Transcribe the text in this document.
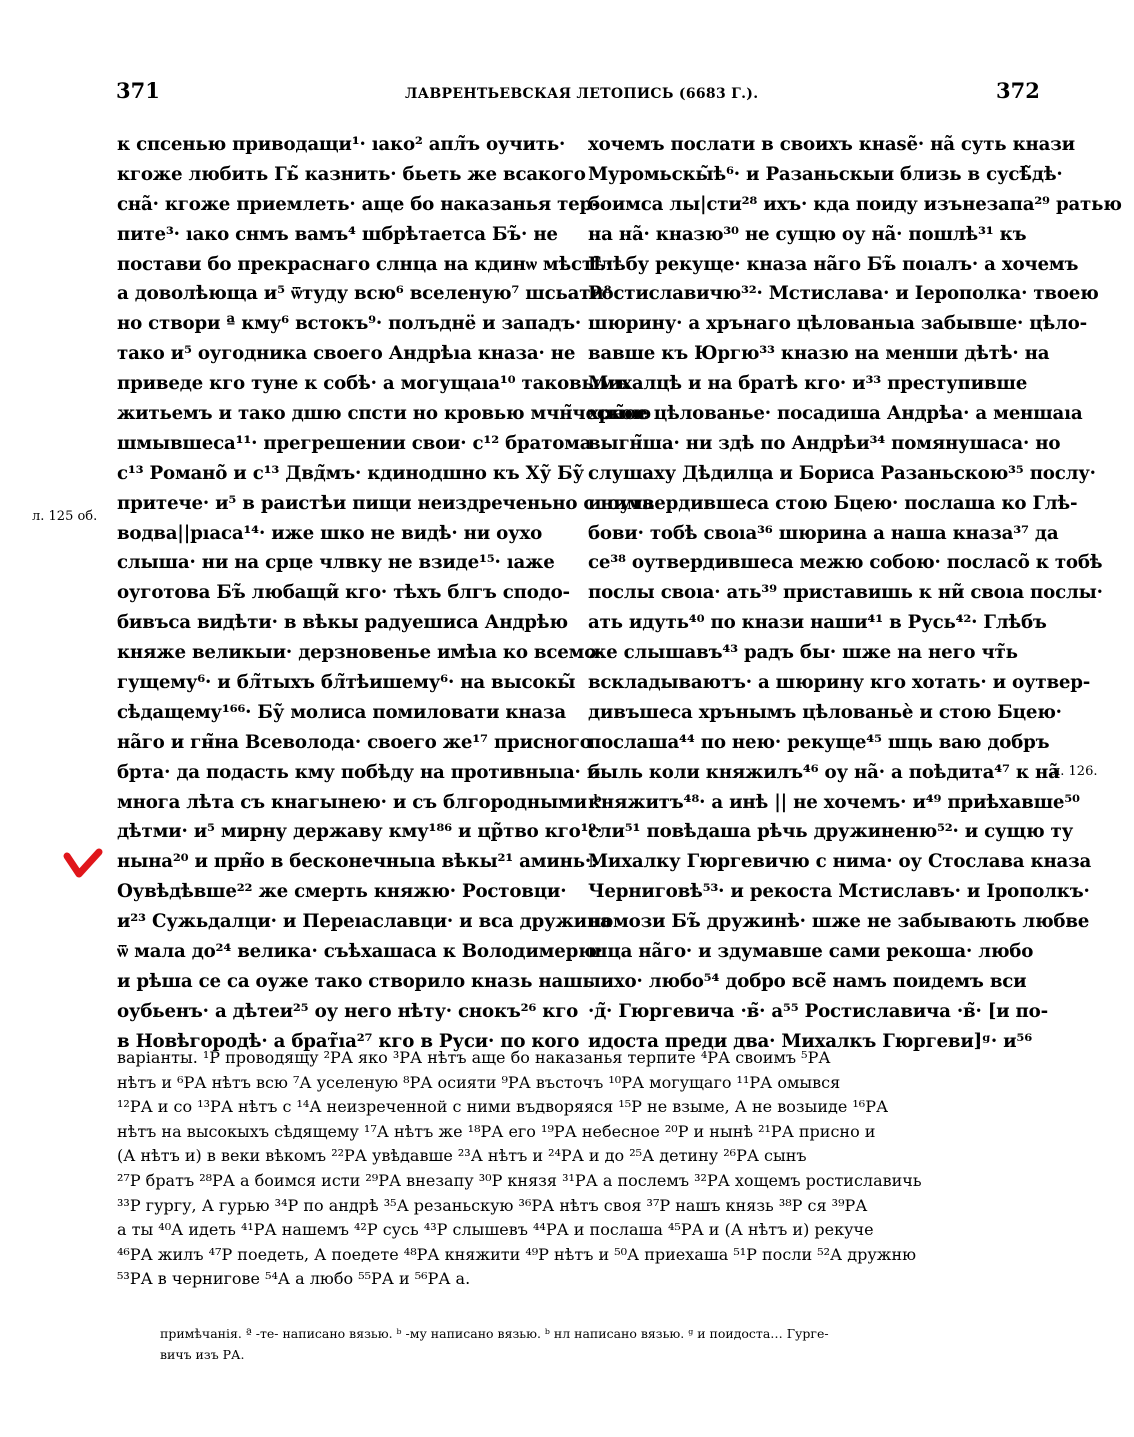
371	ЛАВРЕНТЬЕВСКАЯ ЛЕТОПИСЬ (6683 Г.).	372
к спсенью приводащи¹· ıако² апл̃ъ оучить·
кгоже любить Гь̃ казнить· бьеть же всакого
сна̃· кгоже приемлеть· аще бо наказанья тер-
пите³· ıако снмъ вамъ⁴ шбрѣтаетса Бъ̃· не
постави бо прекраснаго слнца на кдинѡ мѣстѣ·
а доволѣюща и⁵ ѿтуду всю⁶ вселеную⁷ шсьати⁸
но створи ª кму⁶ встокъ⁹· полъднё и западъ·
тако и⁵ оугодника своего Андрѣıа кназа· не
приведе кго туне к собѣ· а могущаıа¹⁰ таковымъ
житьемъ и тако дшю спсти но кровью мчн̃ческою
шмывшеса¹¹· прегрешении свои· с¹² братома
с¹³ Романо̃ и с¹³ Двд̃мъ· кдинодшно къ Ху̃ Бу̃
притече· и⁵ в раистѣи пищи неиздреченьно с нима
водва||рıаса¹⁴· иже шко не видѣ· ни оухо
слыша· ни на срце члвку не взиде¹⁵· ıаже
оуготова Бъ̃ любащи̃ кго· тѣхъ блгъ сподо-
бивъса видѣти· в вѣкы радуешиса Андрѣю
княже великыи· дерзновенье имѣıа ко всемо-
гущему⁶· и бл̃тыхъ бл̃тѣишему⁶· на высокы̃
сѣдащему¹⁶⁶· Бу̃ молиса помиловати кназа
на̃го и гн̃на Всеволода· своего же¹⁷ присного
брта· да подасть кму побѣду на противныıа· и
многа лѣта съ кнагынею· и съ блгородными ᵇ
дѣтми· и⁵ мирну державу кму¹⁸⁶ и цр̃тво кго¹⁹·
нына²⁰ и прн̃о в бесконечныıа вѣкы²¹ аминь·:
Оувѣдѣвше²² же смерть княжю· Ростовци·
и²³ Сужьдалци· и Переıаславци· и вса дружина
ѿ мала до²⁴ велика· съѣхашаса к Володимерю·
и рѣша се са оуже тако створило кназь нашь
оубьенъ· а дѣтеи²⁵ оу него нѣту· снокъ²⁶ кго
в Новѣгородѣ· а брат̃ıа²⁷ кго в Руси· по кого
хочемъ послати в своихъ кнаѕе̃· на̃ суть кнази
Муромьскы̃ѣ⁶· и Разаньскыи близь в сусѣ̃дѣ·
боимса лы|сти²⁸ ихъ· кда поиду изънезапа²⁹ ратью
на на̃· кназю³⁰ не сущю оу на̃· пошлѣ³¹ къ
Глѣбу рекуще· кназа на̃го Бъ̃ поıалъ· а хочемъ
Ростиславичю³²· Мстислава· и Iерополка· твоею
шюрину· а хрънаго цѣлованьıа забывше· цѣло-
вавше къ Юргю³³ кназю на менши дѣтѣ· на
Михалцѣ и на братѣ кго· и³³ преступивше
хрн̃ое цѣлованье· посадиша Андрѣа· а меншаıа
выгн̃ша· ни здѣ по Андрѣи³⁴ помянушаса· но
слушаху Дѣдилца и Бориса Разаньскою³⁵ послу·
и оутвердившеса стою Бцею· послаша ко Глѣ-
бови· тобѣ своıа³⁶ шюрина а наша кназа³⁷ да
се³⁸ оутвердившеса межю собою· посласо̃ к тобѣ
послы своıа· ать³⁹ приставишь к ни̃ своıа послы·
ать идуть⁴⁰ по кнази наши⁴¹ в Русь⁴²· Глѣбъ
же слышавъ⁴³ радъ бы· шже на него чт̃ь
всклaдываютъ· а шюрину кго хотать· и оутвер-
дивъшеса хрънымъ цѣлованьѐ и стою Бцею·
послаша⁴⁴ по нею· рекуще⁴⁵ шць ваю добръ
быль коли княжилъ⁴⁶ оу на̃· а поѣдита⁴⁷ к на̃
княжитъ⁴⁸· а инѣ || не хочемъ· и⁴⁹ приѣхавше⁵⁰
сли⁵¹ повѣдаша рѣчь дружиненю⁵²· и сущю ту
Михалку Гюргевичю с нима· оу Стослава кназа
Черниговѣ⁵³· и рекоста Мстиславъ· и Iрополкъ·
помози Бъ̃ дружинѣ· шже не забывають любве
шца на̃го· и здумавше сами рекоша· любо
лихо· любо⁵⁴ добро всё̃ намъ поидемъ вси
·д̃· Гюргевича ·в̃· а⁵⁵ Ростиславича ·в̃· [и по-
идоста преди два· Михалкъ Гюргеви]ᵍ· и⁵⁶
л. 125 об.
л. 126.
варіанты. ¹Р проводящу ²РА яко ³РА нѣтъ аще бо наказанья терпите ⁴РА своимъ ⁵РА
нѣтъ и ⁶РА нѣтъ всю ⁷А уселеную ⁸РА осияти ⁹РА въсточъ ¹⁰РА могущаго ¹¹РА омывся
¹²РА и со ¹³РА нѣтъ с ¹⁴А неизреченной с ними въдворяяся ¹⁵Р не взыме, А не возыиде ¹⁶РА
нѣтъ на высокыхъ сѣдящему ¹⁷А нѣтъ же ¹⁸РА его ¹⁹РА небесное ²⁰Р и нынѣ ²¹РА присно и
(А нѣтъ и) в веки вѣкомъ ²²РА увѣдавше ²³А нѣтъ и ²⁴РА и до ²⁵А детину ²⁶РА сынъ
²⁷Р братъ ²⁸РА а боимся исти ²⁹РА внезапу ³⁰Р князя ³¹РА а послемъ ³²РА хощемъ ростиславичь
³³Р гургу, А гурью ³⁴Р по андрѣ ³⁵А резаньскую ³⁶РА нѣтъ своя ³⁷Р нашъ князь ³⁸Р ся ³⁹РА
а ты ⁴⁰А идеть ⁴¹РА нашемъ ⁴²Р сусь ⁴³Р слышевъ ⁴⁴РА и послаша ⁴⁵РА и (А нѣтъ и) рекуче
⁴⁶РА жилъ ⁴⁷Р поедеть, А поедете ⁴⁸РА княжити ⁴⁹Р нѣтъ и ⁵⁰А приехаша ⁵¹Р посли ⁵²А дружню
⁵³РА в чернигове ⁵⁴А а любо ⁵⁵РА и ⁵⁶РА а.
примѣчанія. ª -те- написано вязью. ᵇ -му написано вязью. ᵇ нл написано вязью. ᵍ и поидоста… Гурге-
вичъ изъ РА.
